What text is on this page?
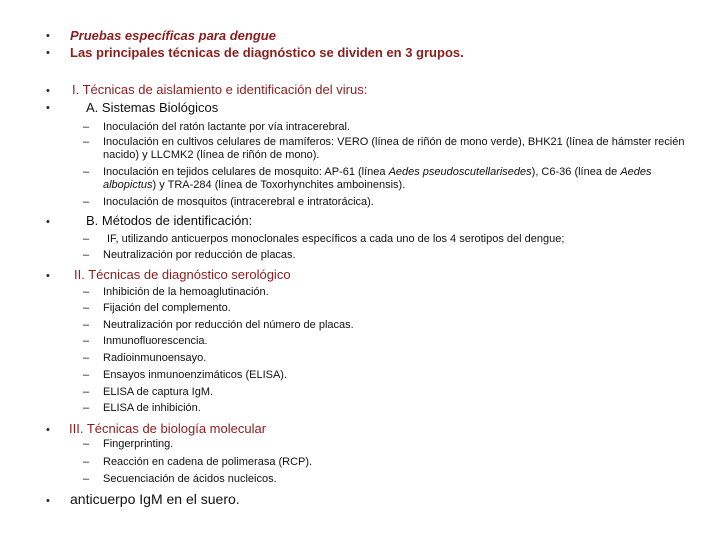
• Pruebas específicas para dengue
• Las principales técnicas de diagnóstico se dividen en 3 grupos.
• I. Técnicas de aislamiento e identificación del virus:
•	A. Sistemas Biológicos
– Inoculación del ratón lactante por vía intracerebral.
– Inoculación en cultivos celulares de mamíferos: VERO (línea de riñón de mono verde), BHK21 (línea de hámster recién nacido) y LLCMK2 (línea de riñón de mono).
– Inoculación en tejidos celulares de mosquito: AP-61 (línea Aedes pseudoscutellarisedes), C6-36 (línea de Aedes albopictus) y TRA-284 (línea de Toxorhynchites amboinensis).
– Inoculación de mosquitos (intracerebral e intratorácica).
•	B. Métodos de identificación:
– IF, utilizando anticuerpos monoclonales específicos a cada uno de los 4 serotipos del dengue;
– Neutralización por reducción de placas.
• II. Técnicas de diagnóstico serológico
– Inhibición de la hemoaglutinación.
– Fijación del complemento.
– Neutralización por reducción del número de placas.
– Inmunofluorescencia.
– Radioinmunoensayo.
– Ensayos inmunoenzimáticos (ELISA).
– ELISA de captura IgM.
– ELISA de inhibición.
• III. Técnicas de biología molecular
– Fingerprinting.
– Reacción en cadena de polimerasa (RCP).
– Secuenciación de ácidos nucleicos.
• anticuerpo IgM en el suero.
